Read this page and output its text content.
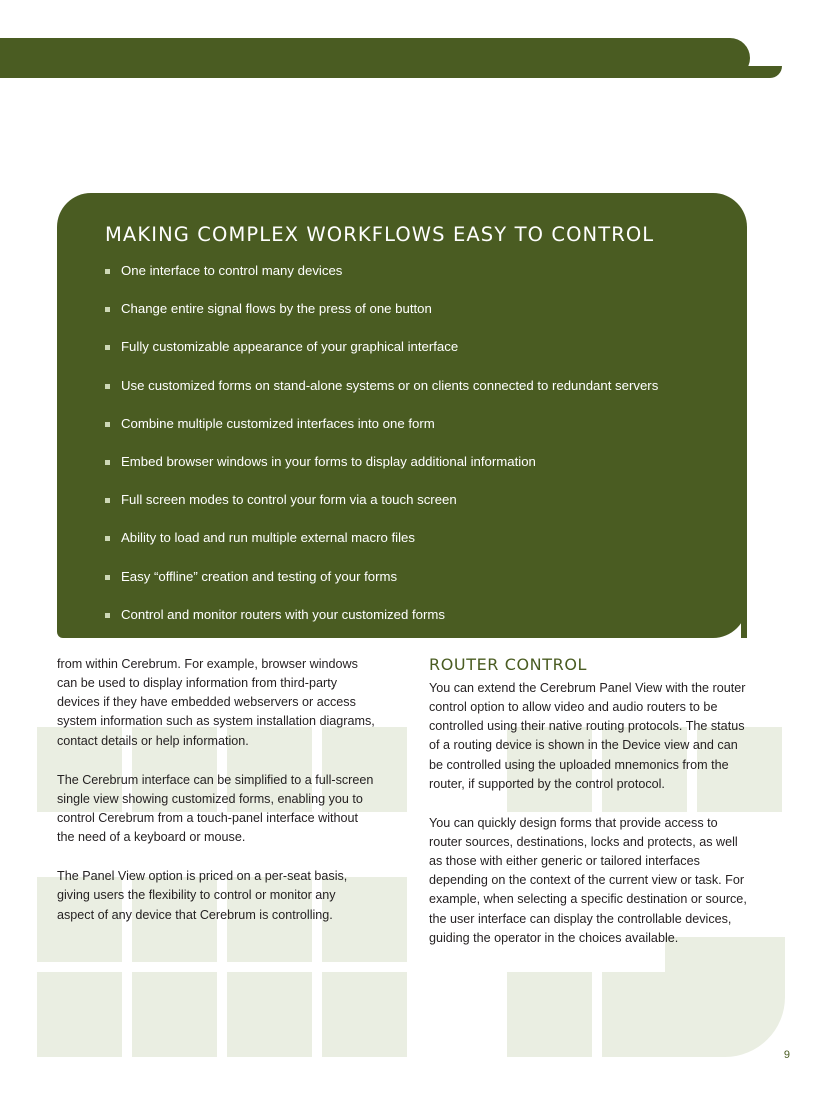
MAKING COMPLEX WORKFLOWS EASY TO CONTROL
One interface to control many devices
Change entire signal flows by the press of one button
Fully customizable appearance of your graphical interface
Use customized forms on stand-alone systems or on clients connected to redundant servers
Combine multiple customized interfaces into one form
Embed browser windows in your forms to display additional information
Full screen modes to control your form via a touch screen
Ability to load and run multiple external macro files
Easy “offline” creation and testing of your forms
Control and monitor routers with your customized forms

from within Cerebrum. For example, browser windows can be used to display information from third-party devices if they have embedded webservers or access system information such as system installation diagrams, contact details or help information.

The Cerebrum interface can be simplified to a full-screen single view showing customized forms, enabling you to control Cerebrum from a touch-panel interface without the need of a keyboard or mouse.

The Panel View option is priced on a per-seat basis, giving users the flexibility to control or monitor any aspect of any device that Cerebrum is controlling.

ROUTER CONTROL

You can extend the Cerebrum Panel View with the router control option to allow video and audio routers to be controlled using their native routing protocols. The status of a routing device is shown in the Device view and can be controlled using the uploaded mnemonics from the router, if supported by the control protocol.

You can quickly design forms that provide access to router sources, destinations, locks and protects, as well as those with either generic or tailored interfaces depending on the context of the current view or task. For example, when selecting a specific destination or source, the user interface can display the controllable devices, guiding the operator in the choices available.

9
